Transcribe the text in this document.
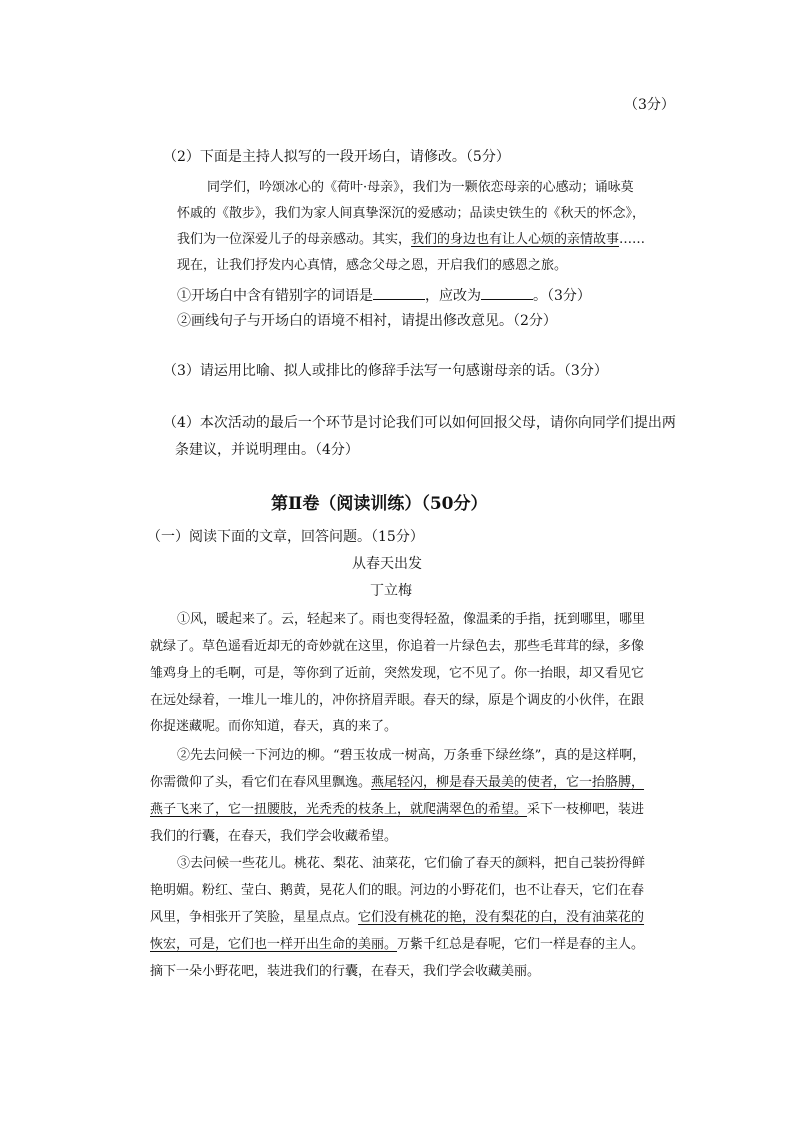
（3分）
（2）下面是主持人拟写的一段开场白，请修改。（5分）
同学们，吟颂冰心的《荷叶·母亲》，我们为一颗依恋母亲的心感动；诵咏莫
怀戚的《散步》，我们为家人间真挚深沉的爱感动；品读史铁生的《秋天的怀念》，
我们为一位深爱儿子的母亲感动。其实，我们的身边也有让人心烦的亲情故事……
现在，让我们抒发内心真情，感念父母之恩，开启我们的感恩之旅。
①开场白中含有错别字的词语是	，应改为	。（3分）
②画线句子与开场白的语境不相衬，请提出修改意见。（2分）
（3）请运用比喻、拟人或排比的修辞手法写一句感谢母亲的话。（3分）
（4）本次活动的最后一个环节是讨论我们可以如何回报父母，请你向同学们提出两
条建议，并说明理由。（4分）
第Ⅱ卷（阅读训练）（50分）
（一）阅读下面的文章，回答问题。（15分）
从春天出发
丁立梅
①风，暖起来了。云，轻起来了。雨也变得轻盈，像温柔的手指，抚到哪里，哪里
就绿了。草色遥看近却无的奇妙就在这里，你追着一片绿色去，那些毛茸茸的绿，多像
雏鸡身上的毛啊，可是，等你到了近前，突然发现，它不见了。你一抬眼，却又看见它
在远处绿着，一堆儿一堆儿的，冲你挤眉弄眼。春天的绿，原是个调皮的小伙伴，在跟
你捉迷藏呢。而你知道，春天，真的来了。
②先去问候一下河边的柳。“碧玉妆成一树高，万条垂下绿丝绦”，真的是这样啊，
你需微仰了头，看它们在春风里飘逸。燕尾轻闪，柳是春天最美的使者，它一抬胳膊，
燕子飞来了，它一扭腰肢，光秃秃的枝条上，就爬满翠色的希望。采下一枝柳吧，装进
我们的行囊，在春天，我们学会收藏希望。
③去问候一些花儿。桃花、梨花、油菜花，它们偷了春天的颜料，把自己装扮得鲜
艳明媚。粉红、莹白、鹅黄，晃花人们的眼。河边的小野花们，也不让春天，它们在春
风里，争相张开了笑脸，星星点点。它们没有桃花的艳，没有梨花的白，没有油菜花的
恢宏，可是，它们也一样开出生命的美丽。万紫千红总是春呢，它们一样是春的主人。
摘下一朵小野花吧，装进我们的行囊，在春天，我们学会收藏美丽。
